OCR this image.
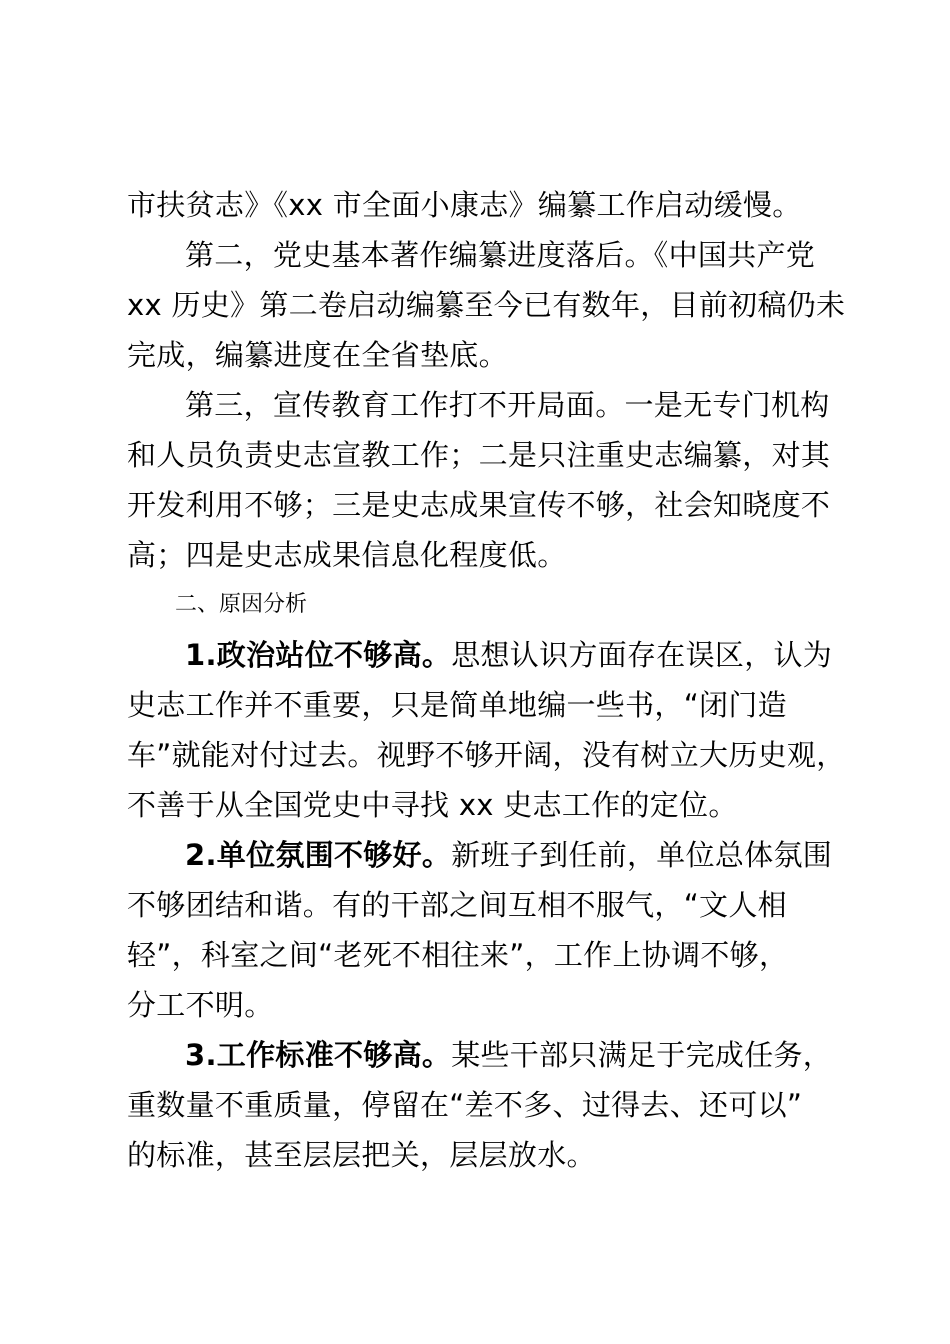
市扶贫志》《xx 市全面小康志》编纂工作启动缓慢。
第二，党史基本著作编纂进度落后。《中国共产党
xx 历史》第二卷启动编纂至今已有数年，目前初稿仍未
完成，编纂进度在全省垫底。
第三，宣传教育工作打不开局面。一是无专门机构
和人员负责史志宣教工作；二是只注重史志编纂，对其
开发利用不够；三是史志成果宣传不够，社会知晓度不
高；四是史志成果信息化程度低。
二、原因分析
1.政治站位不够高。思想认识方面存在误区，认为
史志工作并不重要，只是简单地编一些书，“闭门造
车”就能对付过去。视野不够开阔，没有树立大历史观，
不善于从全国党史中寻找 xx 史志工作的定位。
2.单位氛围不够好。新班子到任前，单位总体氛围
不够团结和谐。有的干部之间互相不服气，“文人相
轻”，科室之间“老死不相往来”，工作上协调不够，
分工不明。
3.工作标准不够高。某些干部只满足于完成任务，
重数量不重质量，停留在“差不多、过得去、还可以”
的标准，甚至层层把关，层层放水。
